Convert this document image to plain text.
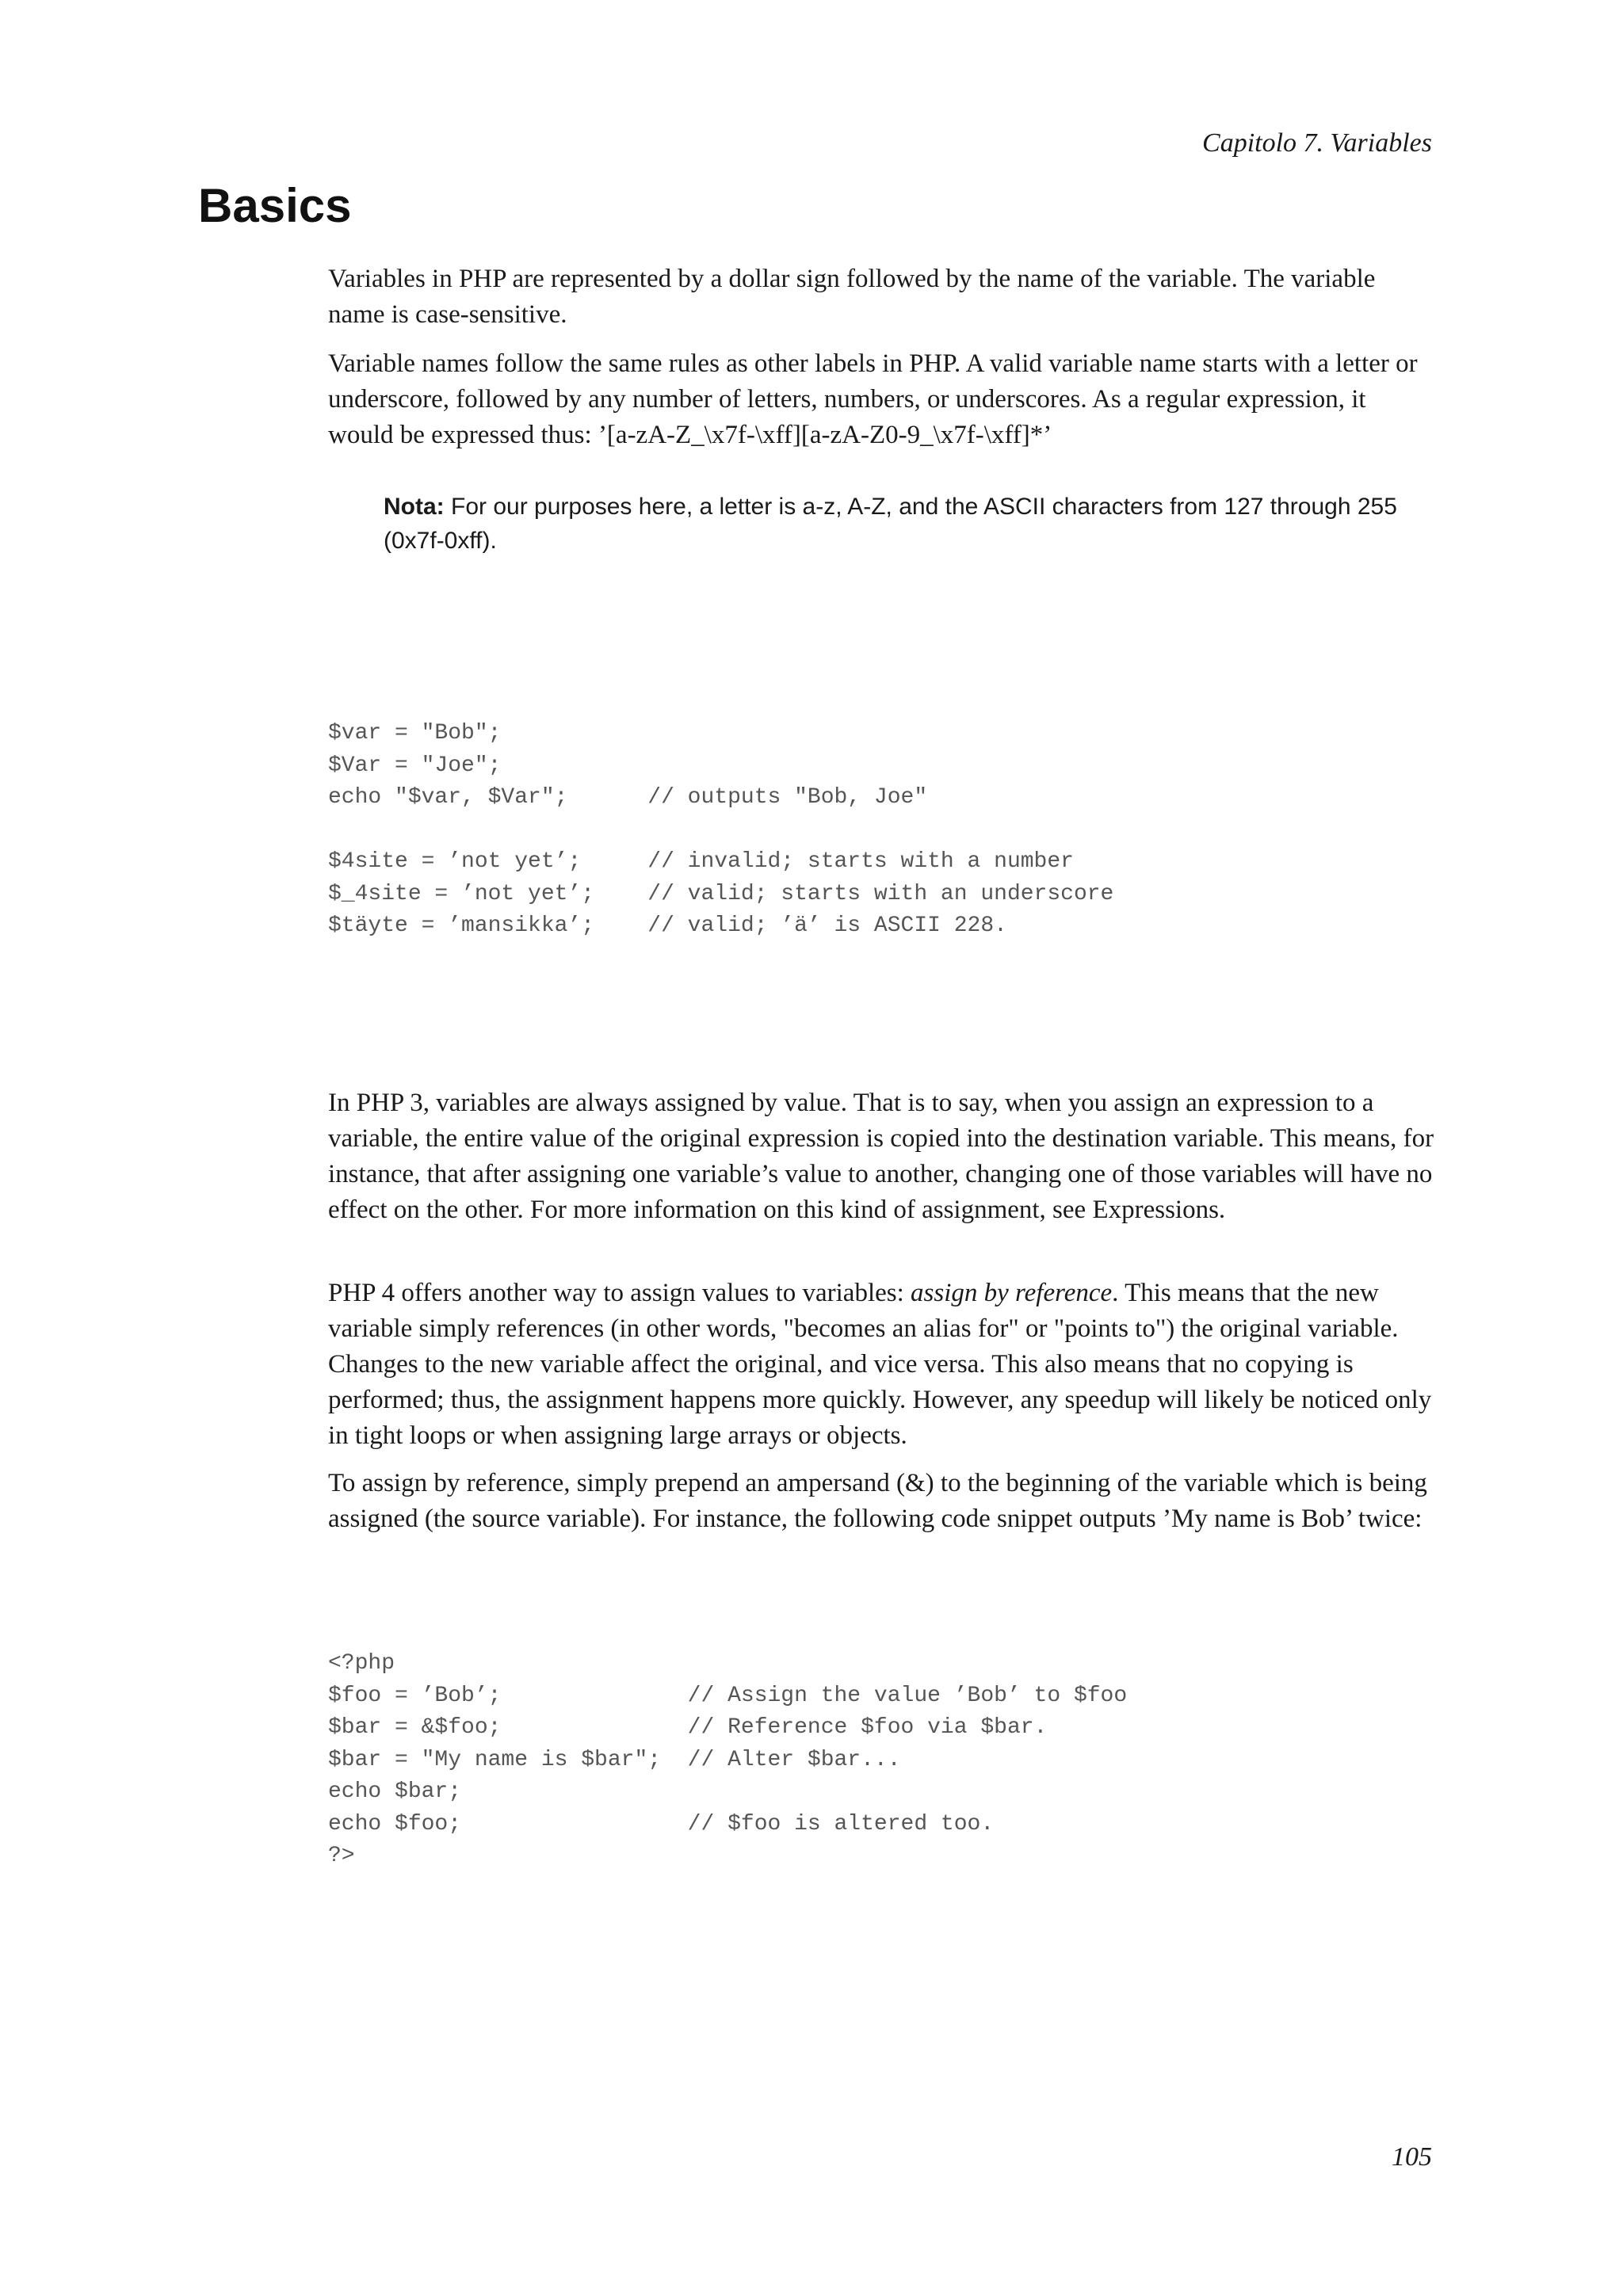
Capitolo 7. Variables
Basics

Variables in PHP are represented by a dollar sign followed by the name of the variable. The variable name is case-sensitive.

Variable names follow the same rules as other labels in PHP. A valid variable name starts with a letter or underscore, followed by any number of letters, numbers, or underscores. As a regular expression, it would be expressed thus: ’[a-zA-Z_\x7f-\xff][a-zA-Z0-9_\x7f-\xff]*’

Nota: For our purposes here, a letter is a-z, A-Z, and the ASCII characters from 127 through 255 (0x7f-0xff).

$var = "Bob";
$Var = "Joe";
echo "$var, $Var";      // outputs "Bob, Joe"

$4site = ’not yet’;     // invalid; starts with a number
$_4site = ’not yet’;    // valid; starts with an underscore
$täyte = ’mansikka’;    // valid; ’ä’ is ASCII 228.

In PHP 3, variables are always assigned by value. That is to say, when you assign an expression to a variable, the entire value of the original expression is copied into the destination variable. This means, for instance, that after assigning one variable’s value to another, changing one of those variables will have no effect on the other. For more information on this kind of assignment, see Expressions.

PHP 4 offers another way to assign values to variables: assign by reference. This means that the new variable simply references (in other words, "becomes an alias for" or "points to") the original variable. Changes to the new variable affect the original, and vice versa. This also means that no copying is performed; thus, the assignment happens more quickly. However, any speedup will likely be noticed only in tight loops or when assigning large arrays or objects.

To assign by reference, simply prepend an ampersand (&) to the beginning of the variable which is being assigned (the source variable). For instance, the following code snippet outputs ’My name is Bob’ twice:

<?php
$foo = ’Bob’;              // Assign the value ’Bob’ to $foo
$bar = &$foo;              // Reference $foo via $bar.
$bar = "My name is $bar";  // Alter $bar...
echo $bar;
echo $foo;                 // $foo is altered too.
?>
105
